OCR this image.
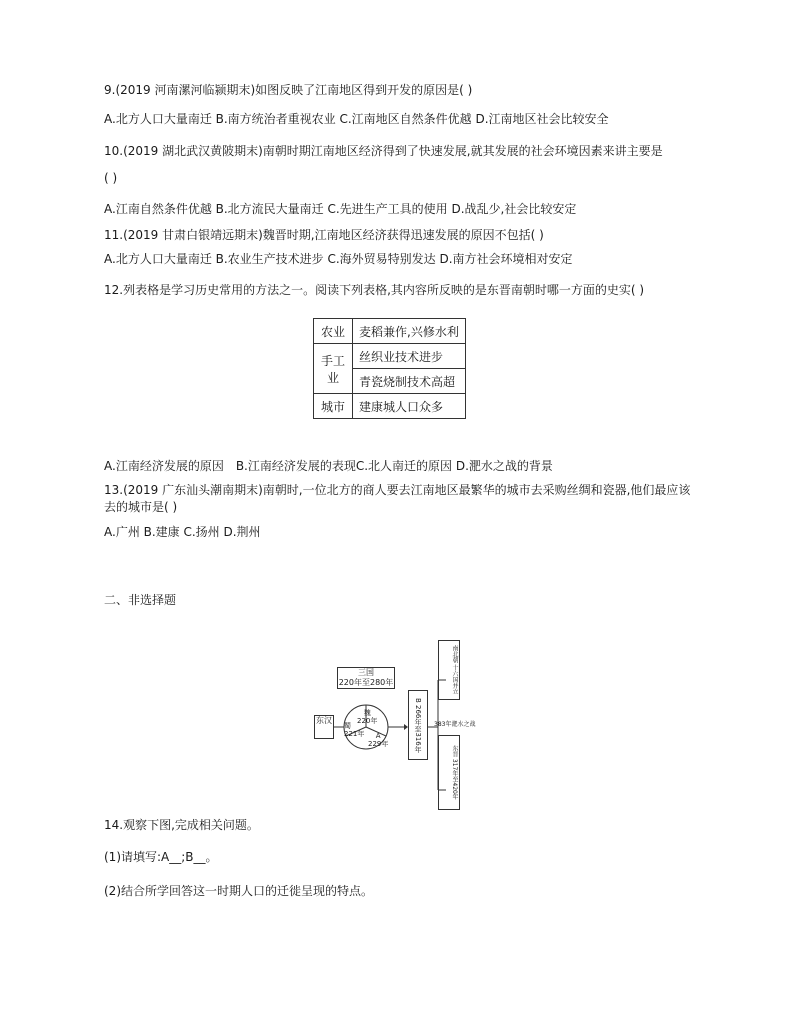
9.(2019 河南漯河临颍期末)如图反映了江南地区得到开发的原因是( )
A.北方人口大量南迁 B.南方统治者重视农业 C.江南地区自然条件优越 D.江南地区社会比较安全
10.(2019 湖北武汉黄陂期末)南朝时期江南地区经济得到了快速发展,就其发展的社会环境因素来讲主要是
( )
A.江南自然条件优越 B.北方流民大量南迁 C.先进生产工具的使用 D.战乱少,社会比较安定
11.(2019 甘肃白银靖远期末)魏晋时期,江南地区经济获得迅速发展的原因不包括( )
A.北方人口大量南迁 B.农业生产技术进步 C.海外贸易特别发达 D.南方社会环境相对安定
12.列表格是学习历史常用的方法之一。阅读下列表格,其内容所反映的是东晋南朝时哪一方面的史实( )
农业	麦稻兼作,兴修水利
手工业	丝织业技术进步
	青瓷烧制技术高超
城市	建康城人口众多
A.江南经济发展的原因　B.江南经济发展的表现C.北人南迁的原因 D.淝水之战的背景
13.(2019 广东汕头潮南期末)南朝时,一位北方的商人要去江南地区最繁华的城市去采购丝绸和瓷器,他们最应该去的城市是( )
A.广州 B.建康 C.扬州 D.荆州
二、非选择题
三国
220年至280年
东汉
魏
220年
蜀
221年	A
229年	B 266年至316年	383年淝水之战
南北朝 十六国并立
东晋 317年至420年
14.观察下图,完成相关问题。
(1)请填写:A__;B__。
(2)结合所学回答这一时期人口的迁徙呈现的特点。
